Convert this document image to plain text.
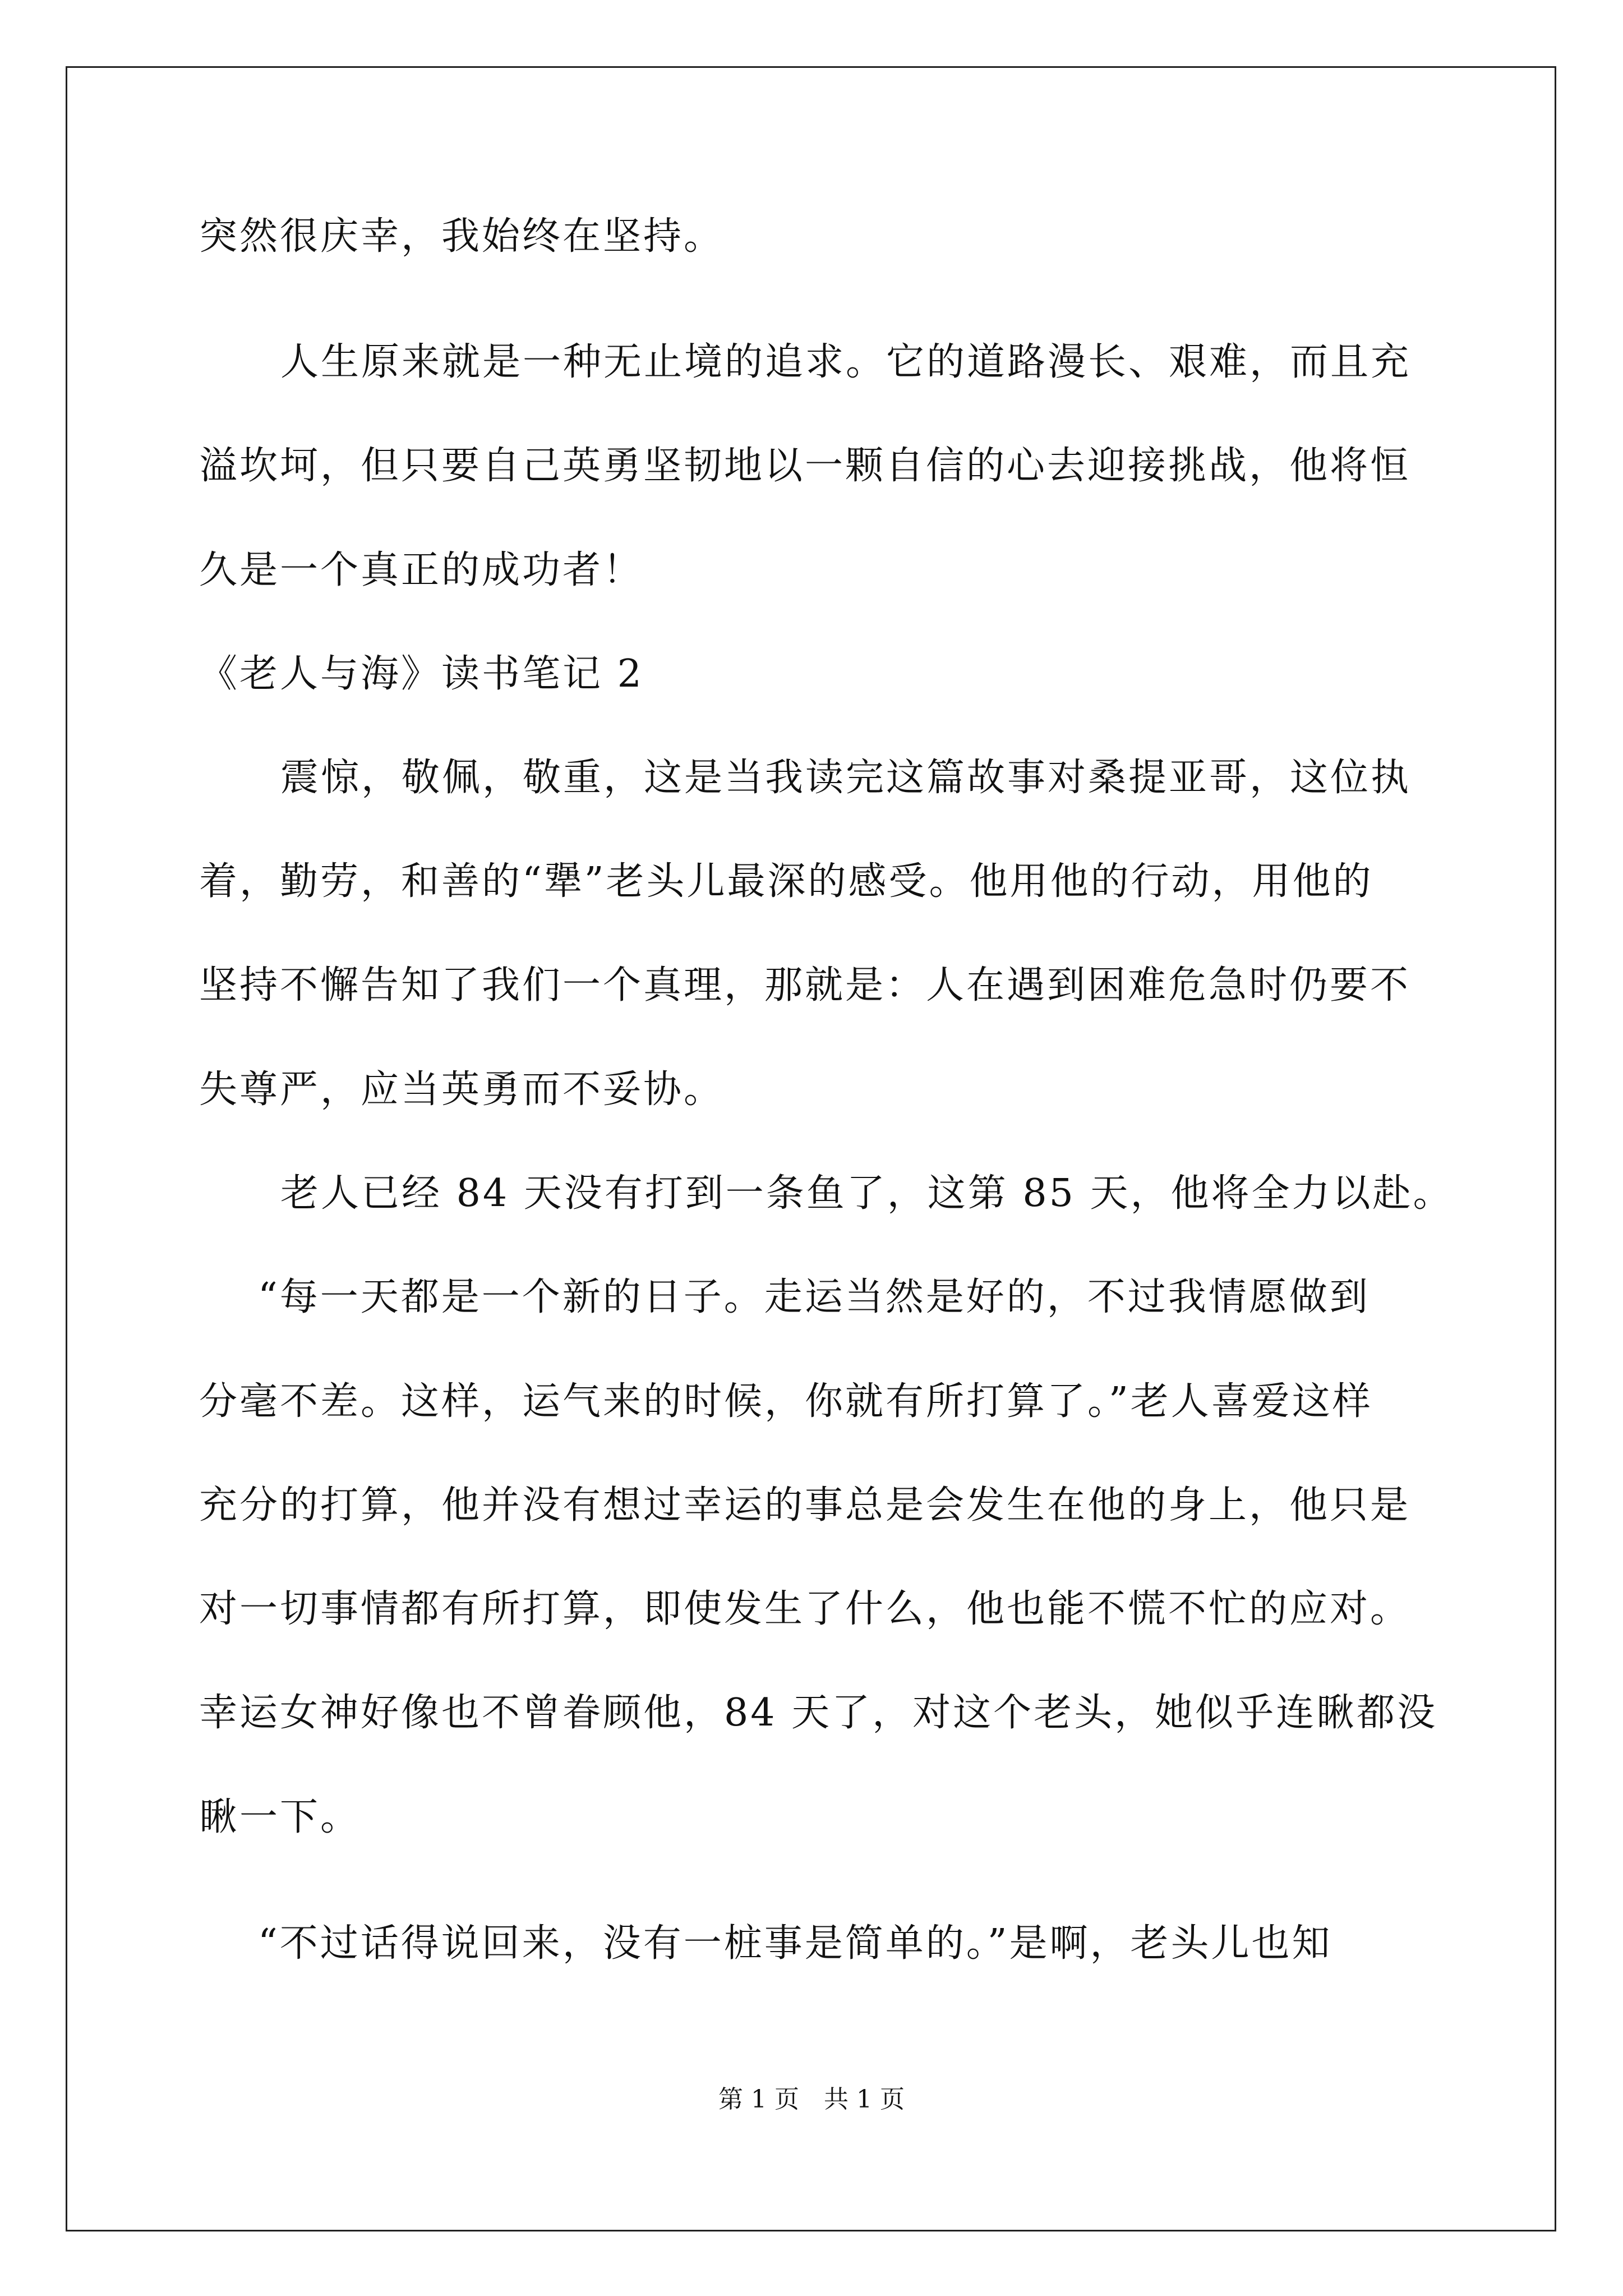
突然很庆幸，我始终在坚持。
人生原来就是一种无止境的追求。它的道路漫长、艰难，而且充
溢坎坷，但只要自己英勇坚韧地以一颗自信的心去迎接挑战，他将恒
久是一个真正的成功者！
《老人与海》读书笔记 2
震惊，敬佩，敬重，这是当我读完这篇故事对桑提亚哥，这位执
着，勤劳，和善的“犟”老头儿最深的感受。他用他的行动，用他的
坚持不懈告知了我们一个真理，那就是：人在遇到困难危急时仍要不
失尊严，应当英勇而不妥协。
老人已经 84 天没有打到一条鱼了，这第 85 天，他将全力以赴。
“每一天都是一个新的日子。走运当然是好的，不过我情愿做到
分毫不差。这样，运气来的时候，你就有所打算了。”老人喜爱这样
充分的打算，他并没有想过幸运的事总是会发生在他的身上，他只是
对一切事情都有所打算，即使发生了什么，他也能不慌不忙的应对。
幸运女神好像也不曾眷顾他，84 天了，对这个老头，她似乎连瞅都没
瞅一下。
“不过话得说回来，没有一桩事是简单的。”是啊，老头儿也知
第 1 页　共 1 页
